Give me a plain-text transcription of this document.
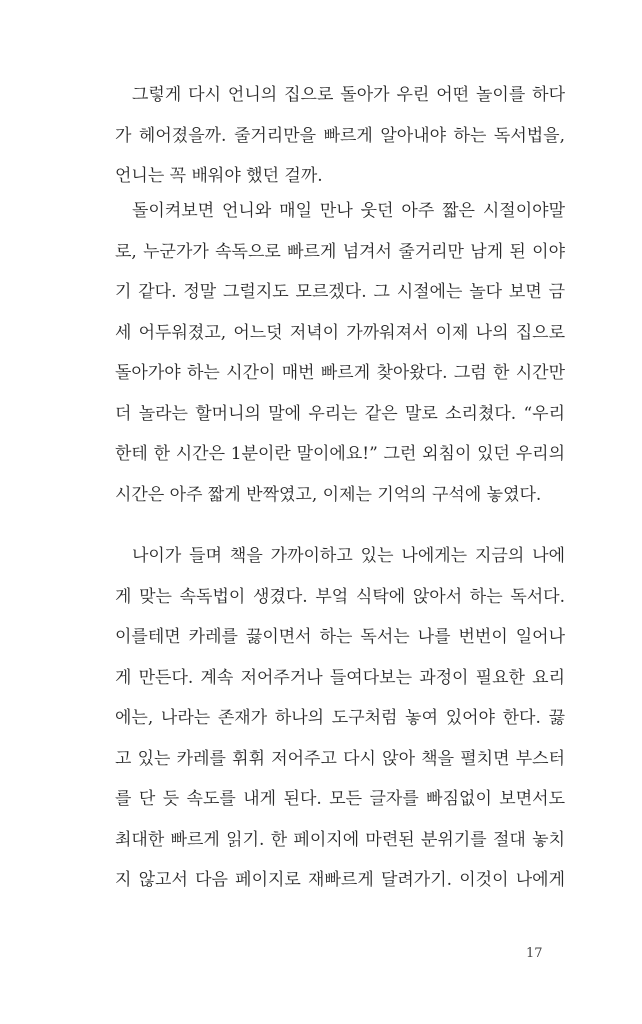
그렇게 다시 언니의 집으로 돌아가 우린 어떤 놀이를 하다
가 헤어졌을까. 줄거리만을 빠르게 알아내야 하는 독서법을,
언니는 꼭 배워야 했던 걸까.
돌이켜보면 언니와 매일 만나 웃던 아주 짧은 시절이야말
로, 누군가가 속독으로 빠르게 넘겨서 줄거리만 남게 된 이야
기 같다. 정말 그럴지도 모르겠다. 그 시절에는 놀다 보면 금
세 어두워졌고, 어느덧 저녁이 가까워져서 이제 나의 집으로
돌아가야 하는 시간이 매번 빠르게 찾아왔다. 그럼 한 시간만
더 놀라는 할머니의 말에 우리는 같은 말로 소리쳤다. “우리
한테 한 시간은 1분이란 말이에요!” 그런 외침이 있던 우리의
시간은 아주 짧게 반짝였고, 이제는 기억의 구석에 놓였다.
나이가 들며 책을 가까이하고 있는 나에게는 지금의 나에
게 맞는 속독법이 생겼다. 부엌 식탁에 앉아서 하는 독서다.
이를테면 카레를 끓이면서 하는 독서는 나를 번번이 일어나
게 만든다. 계속 저어주거나 들여다보는 과정이 필요한 요리
에는, 나라는 존재가 하나의 도구처럼 놓여 있어야 한다. 끓
고 있는 카레를 휘휘 저어주고 다시 앉아 책을 펼치면 부스터
를 단 듯 속도를 내게 된다. 모든 글자를 빠짐없이 보면서도
최대한 빠르게 읽기. 한 페이지에 마련된 분위기를 절대 놓치
지 않고서 다음 페이지로 재빠르게 달려가기. 이것이 나에게
17
